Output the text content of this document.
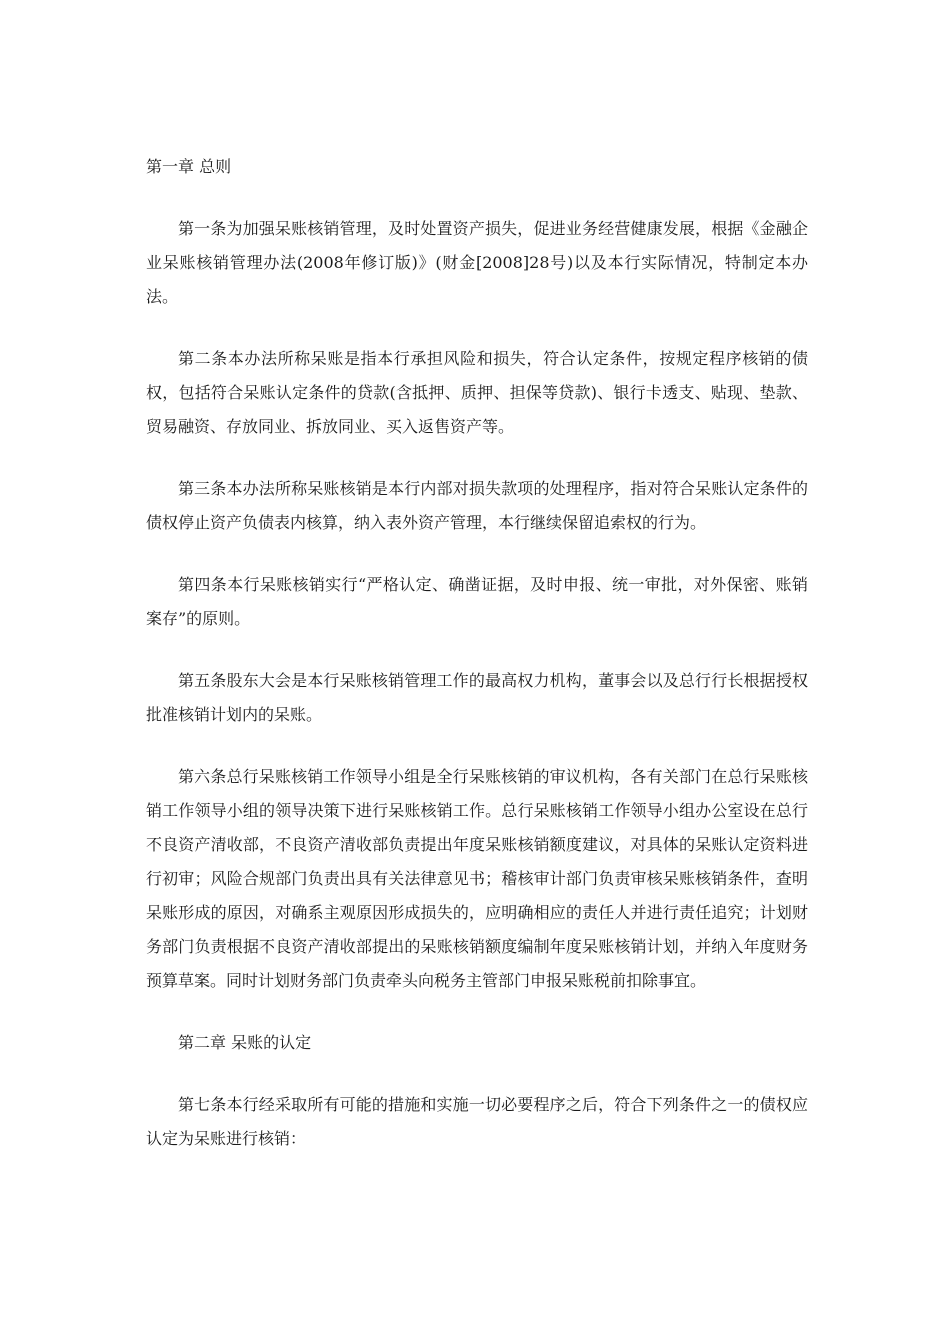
第一章 总则

第一条为加强呆账核销管理，及时处置资产损失，促进业务经营健康发展，根据《金融企业呆账核销管理办法(2008年修订版)》(财金[2008]28号)以及本行实际情况，特制定本办法。

第二条本办法所称呆账是指本行承担风险和损失，符合认定条件，按规定程序核销的债权，包括符合呆账认定条件的贷款(含抵押、质押、担保等贷款)、银行卡透支、贴现、垫款、贸易融资、存放同业、拆放同业、买入返售资产等。

第三条本办法所称呆账核销是本行内部对损失款项的处理程序，指对符合呆账认定条件的债权停止资产负债表内核算，纳入表外资产管理，本行继续保留追索权的行为。

第四条本行呆账核销实行“严格认定、确凿证据，及时申报、统一审批，对外保密、账销案存”的原则。

第五条股东大会是本行呆账核销管理工作的最高权力机构，董事会以及总行行长根据授权批准核销计划内的呆账。

第六条总行呆账核销工作领导小组是全行呆账核销的审议机构，各有关部门在总行呆账核销工作领导小组的领导决策下进行呆账核销工作。总行呆账核销工作领导小组办公室设在总行不良资产清收部，不良资产清收部负责提出年度呆账核销额度建议，对具体的呆账认定资料进行初审；风险合规部门负责出具有关法律意见书；稽核审计部门负责审核呆账核销条件，查明呆账形成的原因，对确系主观原因形成损失的，应明确相应的责任人并进行责任追究；计划财务部门负责根据不良资产清收部提出的呆账核销额度编制年度呆账核销计划，并纳入年度财务预算草案。同时计划财务部门负责牵头向税务主管部门申报呆账税前扣除事宜。

第二章 呆账的认定

第七条本行经采取所有可能的措施和实施一切必要程序之后，符合下列条件之一的债权应认定为呆账进行核销：
